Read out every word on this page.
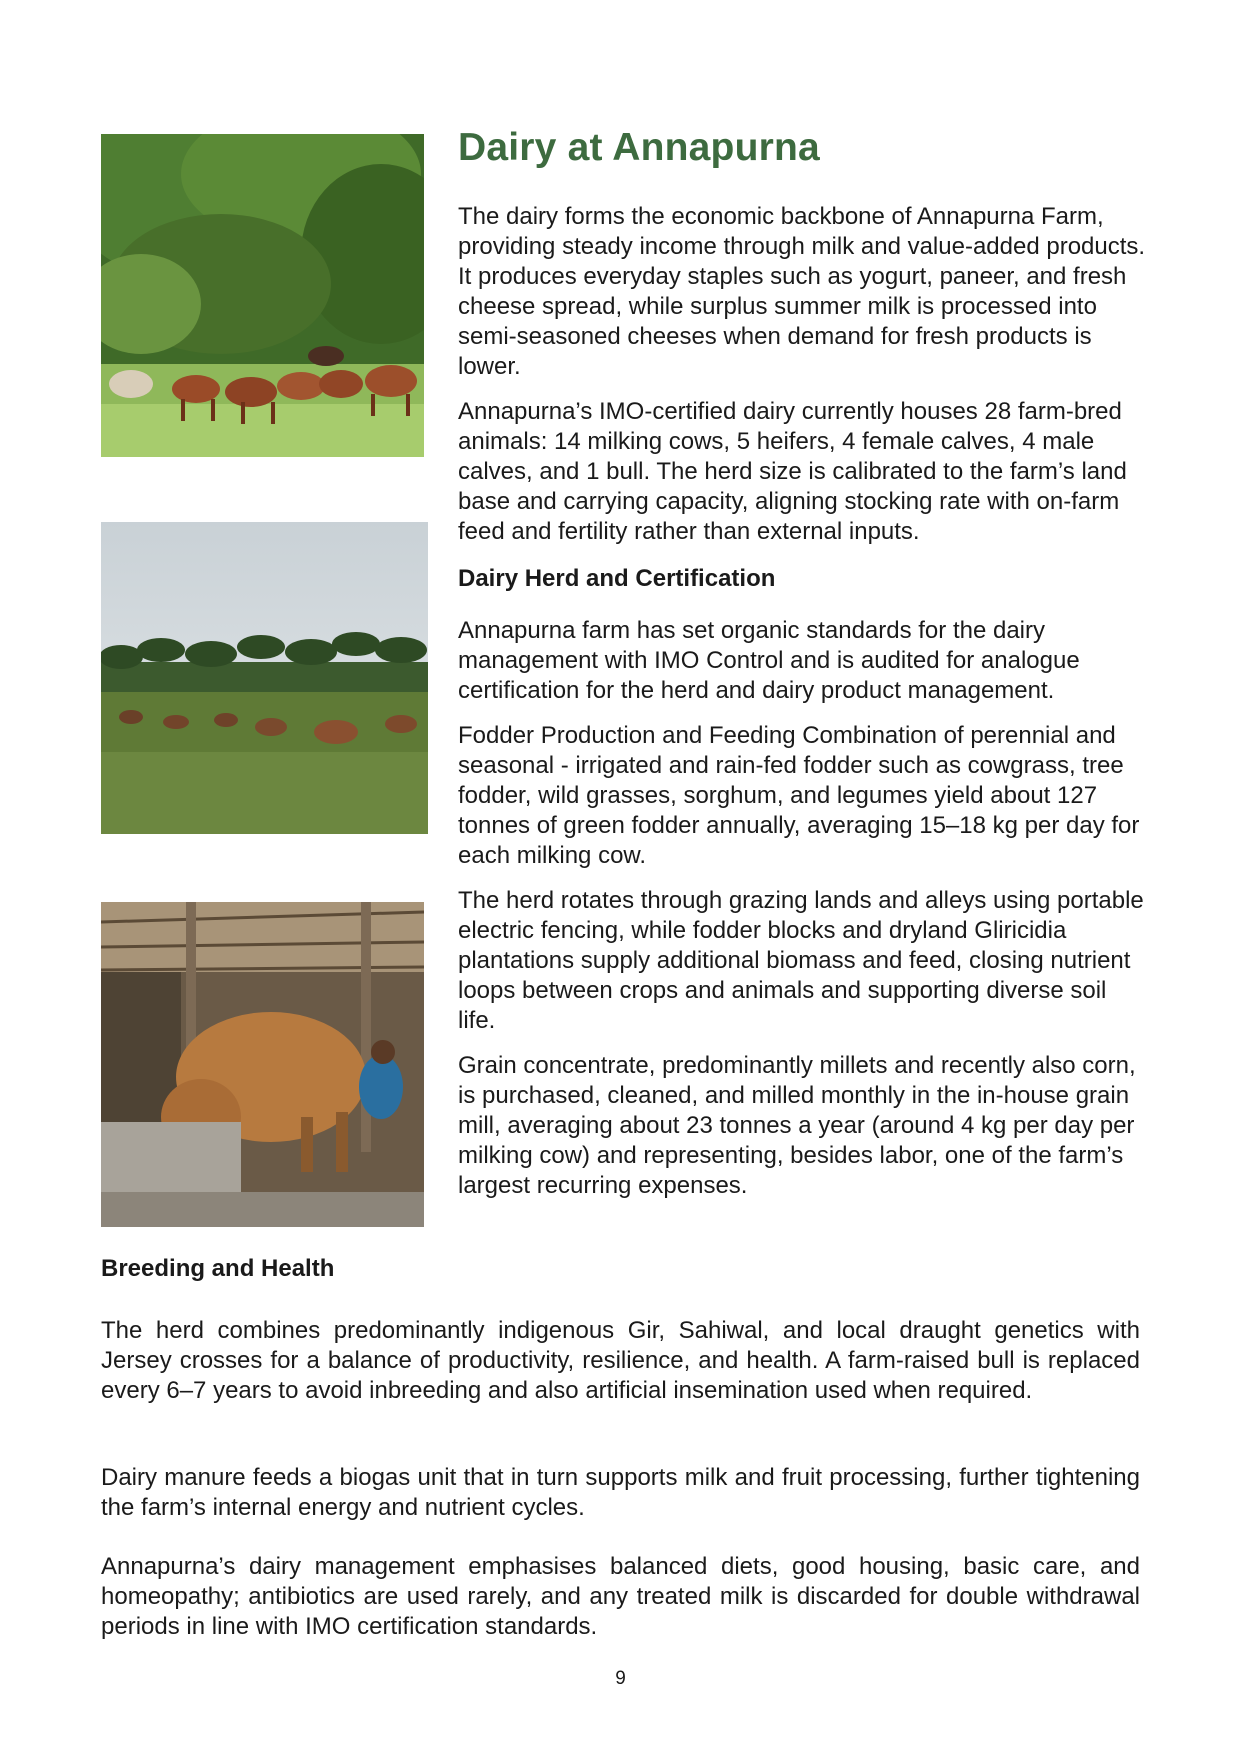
Dairy at Annapurna

The dairy forms the economic backbone of Annapurna Farm, providing steady income through milk and value-added products. It produces everyday staples such as yogurt, paneer, and fresh cheese spread, while surplus summer milk is processed into semi-seasoned cheeses when demand for fresh products is lower.

Annapurna’s IMO-certified dairy currently houses 28 farm-bred animals: 14 milking cows, 5 heifers, 4 female calves, 4 male calves, and 1 bull. The herd size is calibrated to the farm’s land base and carrying capacity, aligning stocking rate with on-farm feed and fertility rather than external inputs.

Dairy Herd and Certification

Annapurna farm has set organic standards for the dairy management with IMO Control and is audited for analogue certification for the herd and dairy product management.

Fodder Production and Feeding Combination of perennial and seasonal - irrigated and rain-fed fodder such as cowgrass, tree fodder, wild grasses, sorghum, and legumes yield about 127 tonnes of green fodder annually, averaging 15–18 kg per day for each milking cow.

The herd rotates through grazing lands and alleys using portable electric fencing, while fodder blocks and dryland Gliricidia plantations supply additional biomass and feed, closing nutrient loops between crops and animals and supporting diverse soil life.

Grain concentrate, predominantly millets and recently also corn, is purchased, cleaned, and milled monthly in the in-house grain mill, averaging about 23 tonnes a year (around 4 kg per day per milking cow) and representing, besides labor, one of the farm’s largest recurring expenses.

Breeding and Health

The herd combines predominantly indigenous Gir, Sahiwal, and local draught genetics with Jersey crosses for a balance of productivity, resilience, and health. A farm-raised bull is replaced every 6–7 years to avoid inbreeding and also artificial insemination used when required.

Dairy manure feeds a biogas unit that in turn supports milk and fruit processing, further tightening the farm’s internal energy and nutrient cycles.

Annapurna’s dairy management emphasises balanced diets, good housing, basic care, and homeopathy; antibiotics are used rarely, and any treated milk is discarded for double withdrawal periods in line with IMO certification standards.

9
